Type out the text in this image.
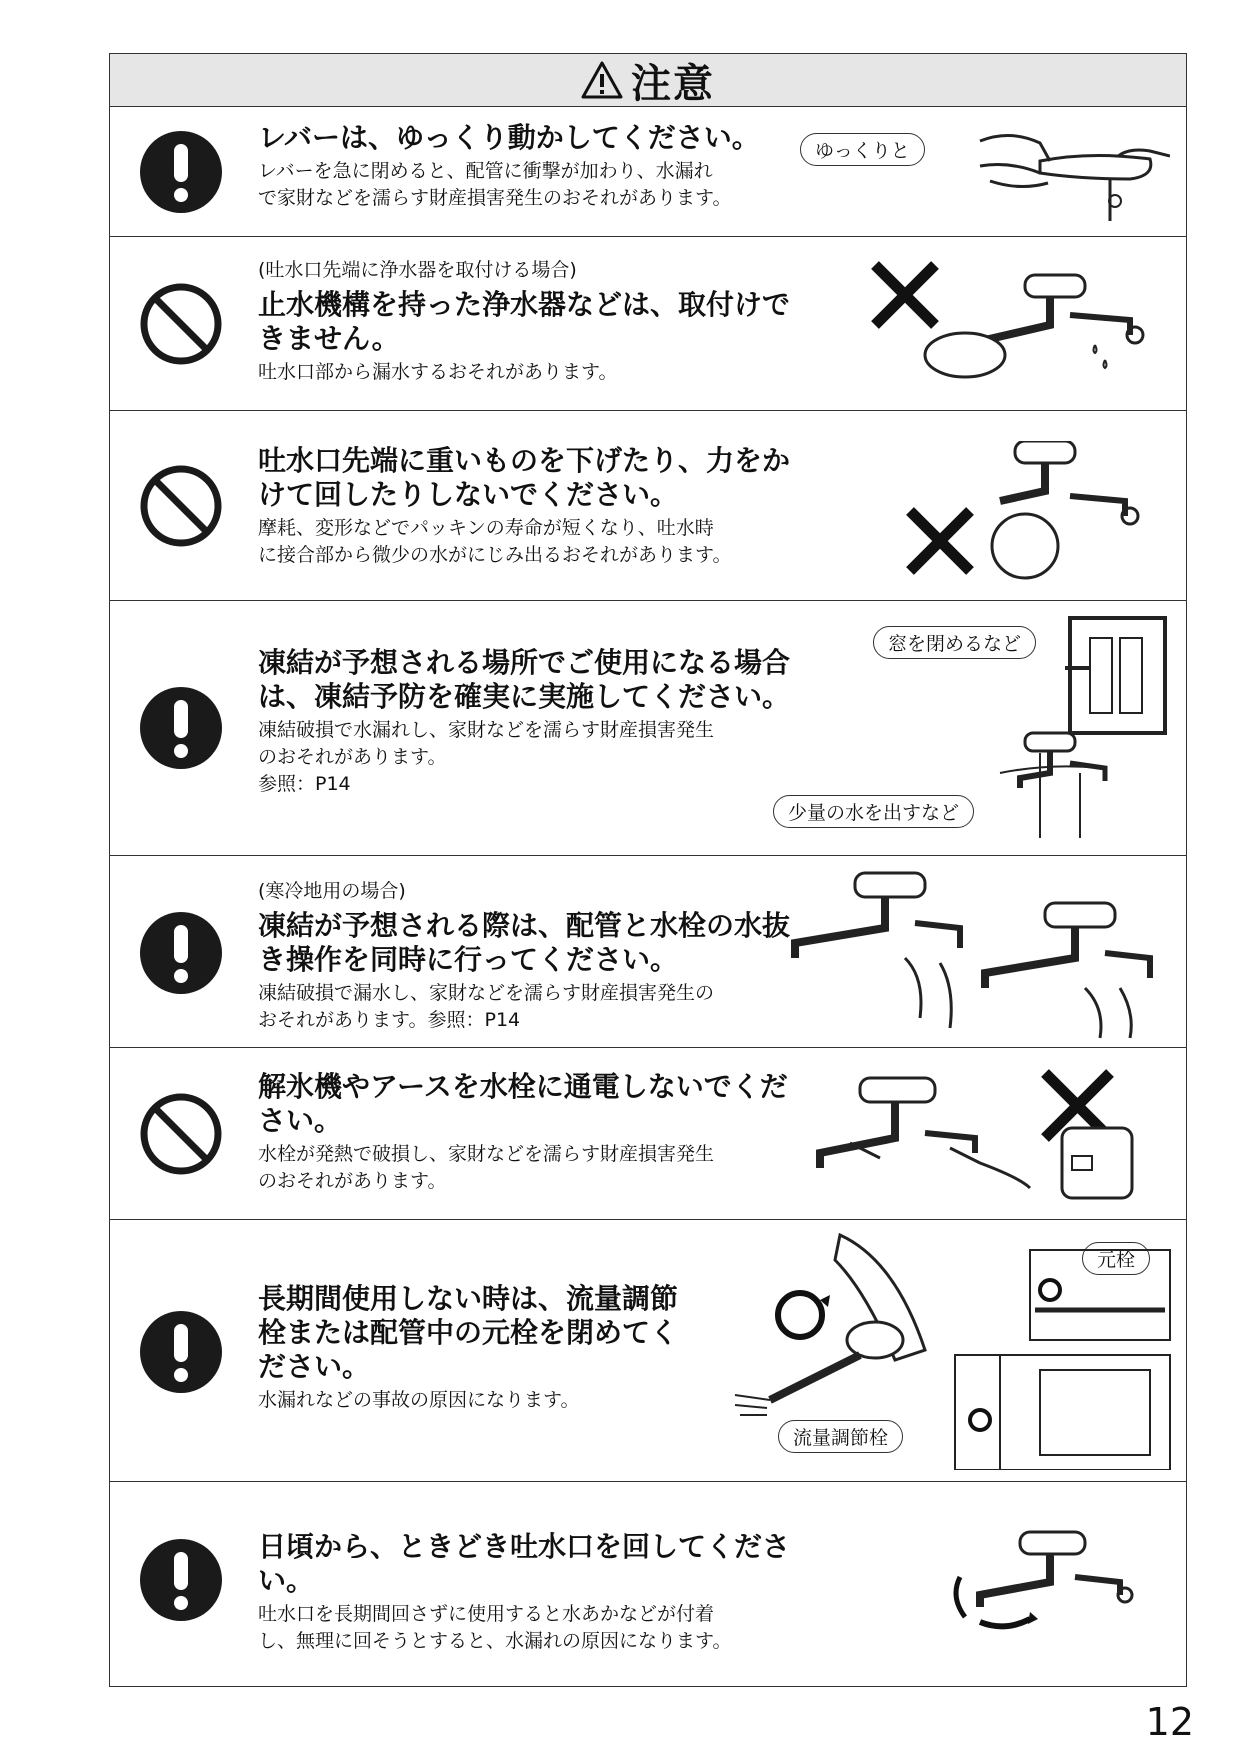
注意
レバーは、ゆっくり動かしてください。
レバーを急に閉めると、配管に衝撃が加わり、水漏れ
で家財などを濡らす財産損害発生のおそれがあります。
ゆっくりと
(吐水口先端に浄水器を取付ける場合)
止水機構を持った浄水器などは、取付けで
きません。
吐水口部から漏水するおそれがあります。
吐水口先端に重いものを下げたり、力をか
けて回したりしないでください。
摩耗、変形などでパッキンの寿命が短くなり、吐水時
に接合部から微少の水がにじみ出るおそれがあります。
凍結が予想される場所でご使用になる場合
は、凍結予防を確実に実施してください。
凍結破損で水漏れし、家財などを濡らす財産損害発生
のおそれがあります。
参照：P14
窓を閉めるなど
少量の水を出すなど
(寒冷地用の場合)
凍結が予想される際は、配管と水栓の水抜
き操作を同時に行ってください。
凍結破損で漏水し、家財などを濡らす財産損害発生の
おそれがあります。参照：P14
解氷機やアースを水栓に通電しないでくだ
さい。
水栓が発熱で破損し、家財などを濡らす財産損害発生
のおそれがあります。
長期間使用しない時は、流量調節
栓または配管中の元栓を閉めてく
ださい。
水漏れなどの事故の原因になります。
元栓
流量調節栓
日頃から、ときどき吐水口を回してください。
吐水口を長期間回さずに使用すると水あかなどが付着
し、無理に回そうとすると、水漏れの原因になります。
12
